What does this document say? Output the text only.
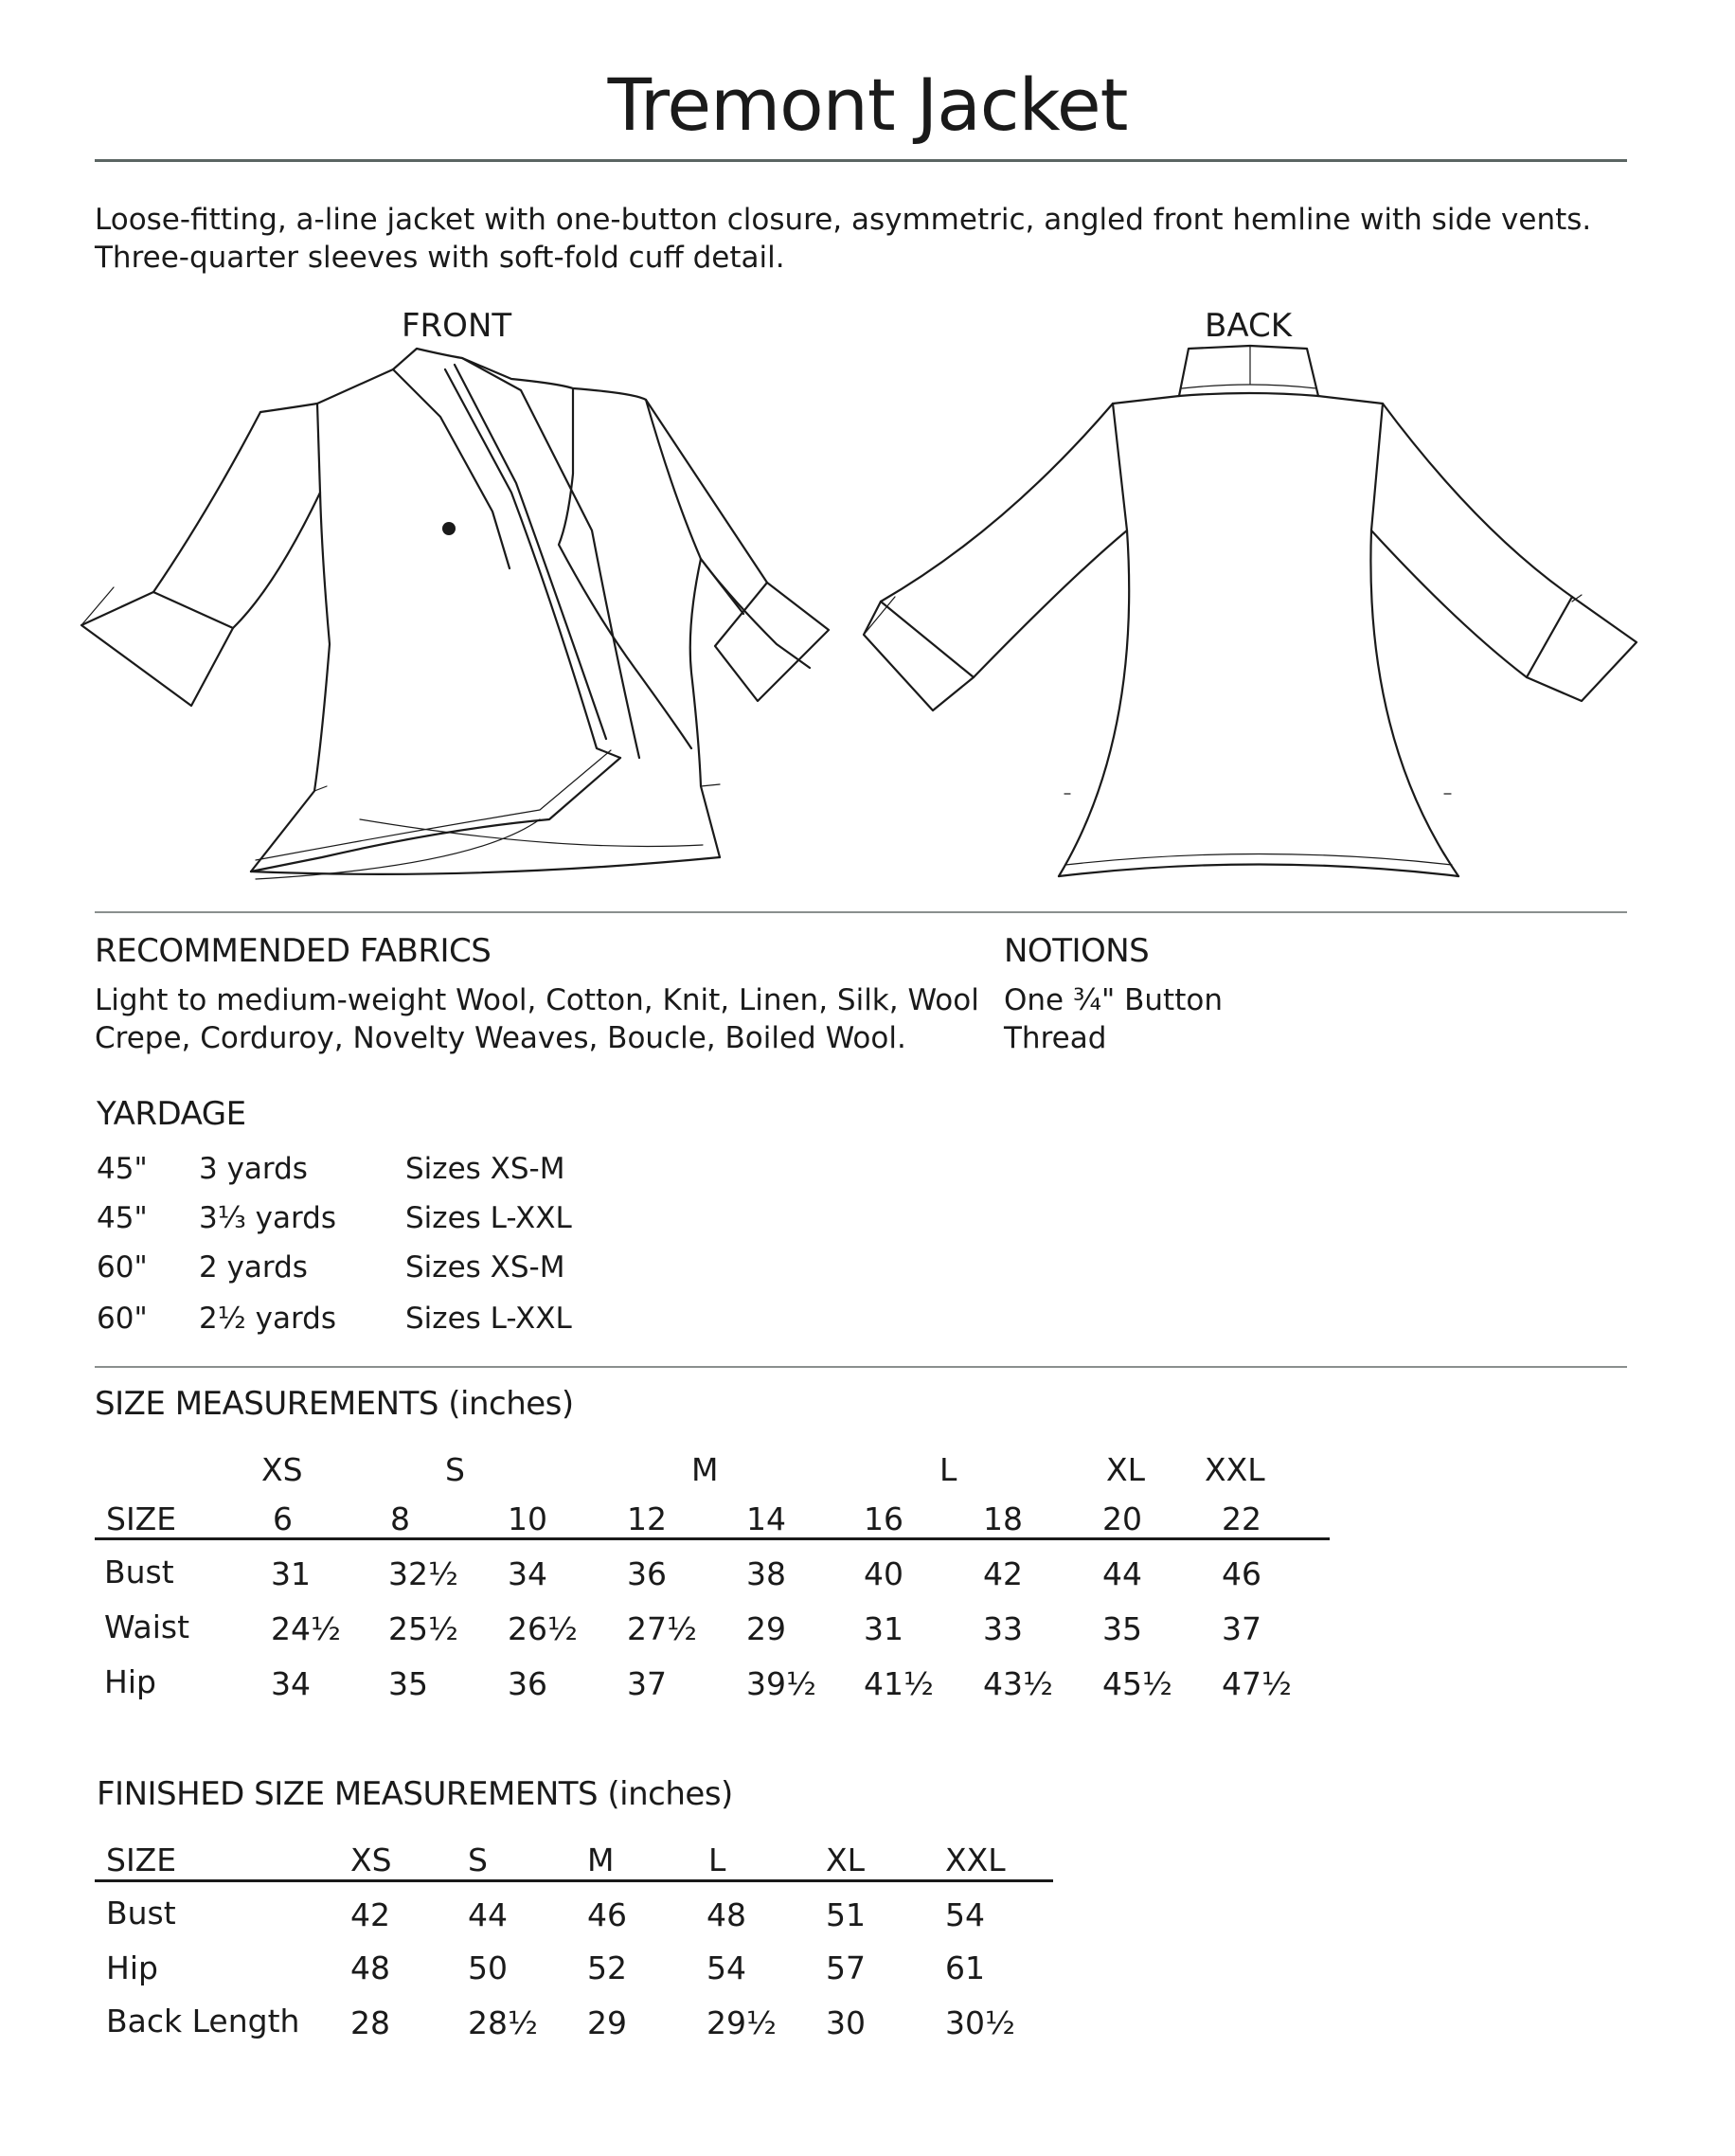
Tremont Jacket
Loose-fitting, a-line jacket with one-button closure, asymmetric, angled front hemline with side vents.
Three-quarter sleeves with soft-fold cuff detail.
FRONT	BACK
RECOMMENDED FABRICS
Light to medium-weight Wool, Cotton, Knit, Linen, Silk, Wool
Crepe, Corduroy, Novelty Weaves, Boucle, Boiled Wool.
NOTIONS
One ¾" Button
Thread
YARDAGE
45" 3 yards	Sizes XS-M
45" 3⅓ yards Sizes L-XXL
60" 2 yards	Sizes XS-M
60" 2½ yards Sizes L-XXL
SIZE MEASUREMENTS (inches)
XS	S	M	L	XL XXL
SIZE	6	8	10	12	14 16	18	20	22
Bust	31 32½ 34	36	38 40	42	44	46
Waist	24½ 25½ 26½ 27½ 29 31	33	35	37
Hip	34 35	36	37	39½ 41½ 43½ 45½ 47½
FINISHED SIZE MEASUREMENTS (inches)
SIZE	XS S	M	L	XL	XXL
Bust	42 44	46	48	51	54
Hip	48 50	52	54	57	61
Back Length 28 28½ 29	29½ 30	30½
